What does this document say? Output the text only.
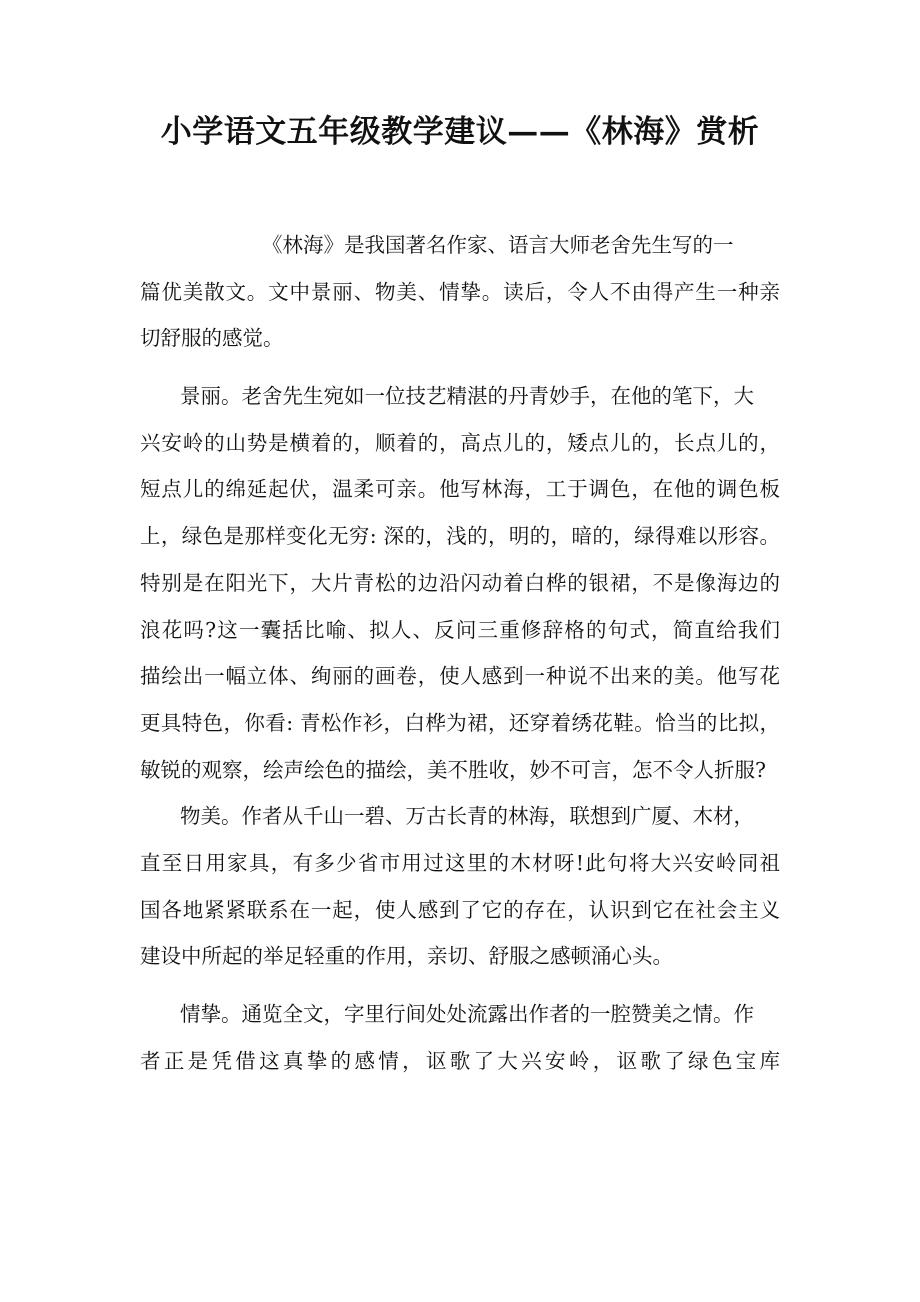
小学语文五年级教学建议——《林海》赏析
《林海》是我国著名作家、语言大师老舍先生写的一
篇优美散文。文中景丽、物美、情挚。读后，令人不由得产生一种亲
切舒服的感觉。
景丽。老舍先生宛如一位技艺精湛的丹青妙手，在他的笔下，大
兴安岭的山势是横着的，顺着的，高点儿的，矮点儿的，长点儿的，
短点儿的绵延起伏，温柔可亲。他写林海，工于调色，在他的调色板
上，绿色是那样变化无穷: 深的，浅的，明的，暗的，绿得难以形容。
特别是在阳光下，大片青松的边沿闪动着白桦的银裙，不是像海边的
浪花吗?这一囊括比喻、拟人、反问三重修辞格的句式，简直给我们
描绘出一幅立体、绚丽的画卷，使人感到一种说不出来的美。他写花
更具特色，你看: 青松作衫，白桦为裙，还穿着绣花鞋。恰当的比拟，
敏锐的观察，绘声绘色的描绘，美不胜收，妙不可言，怎不令人折服?
物美。作者从千山一碧、万古长青的林海，联想到广厦、木材，
直至日用家具，有多少省市用过这里的木材呀!此句将大兴安岭同祖
国各地紧紧联系在一起，使人感到了它的存在，认识到它在社会主义
建设中所起的举足轻重的作用，亲切、舒服之感顿涌心头。
情挚。通览全文，字里行间处处流露出作者的一腔赞美之情。作
者正是凭借这真挚的感情，讴歌了大兴安岭，讴歌了绿色宝库
